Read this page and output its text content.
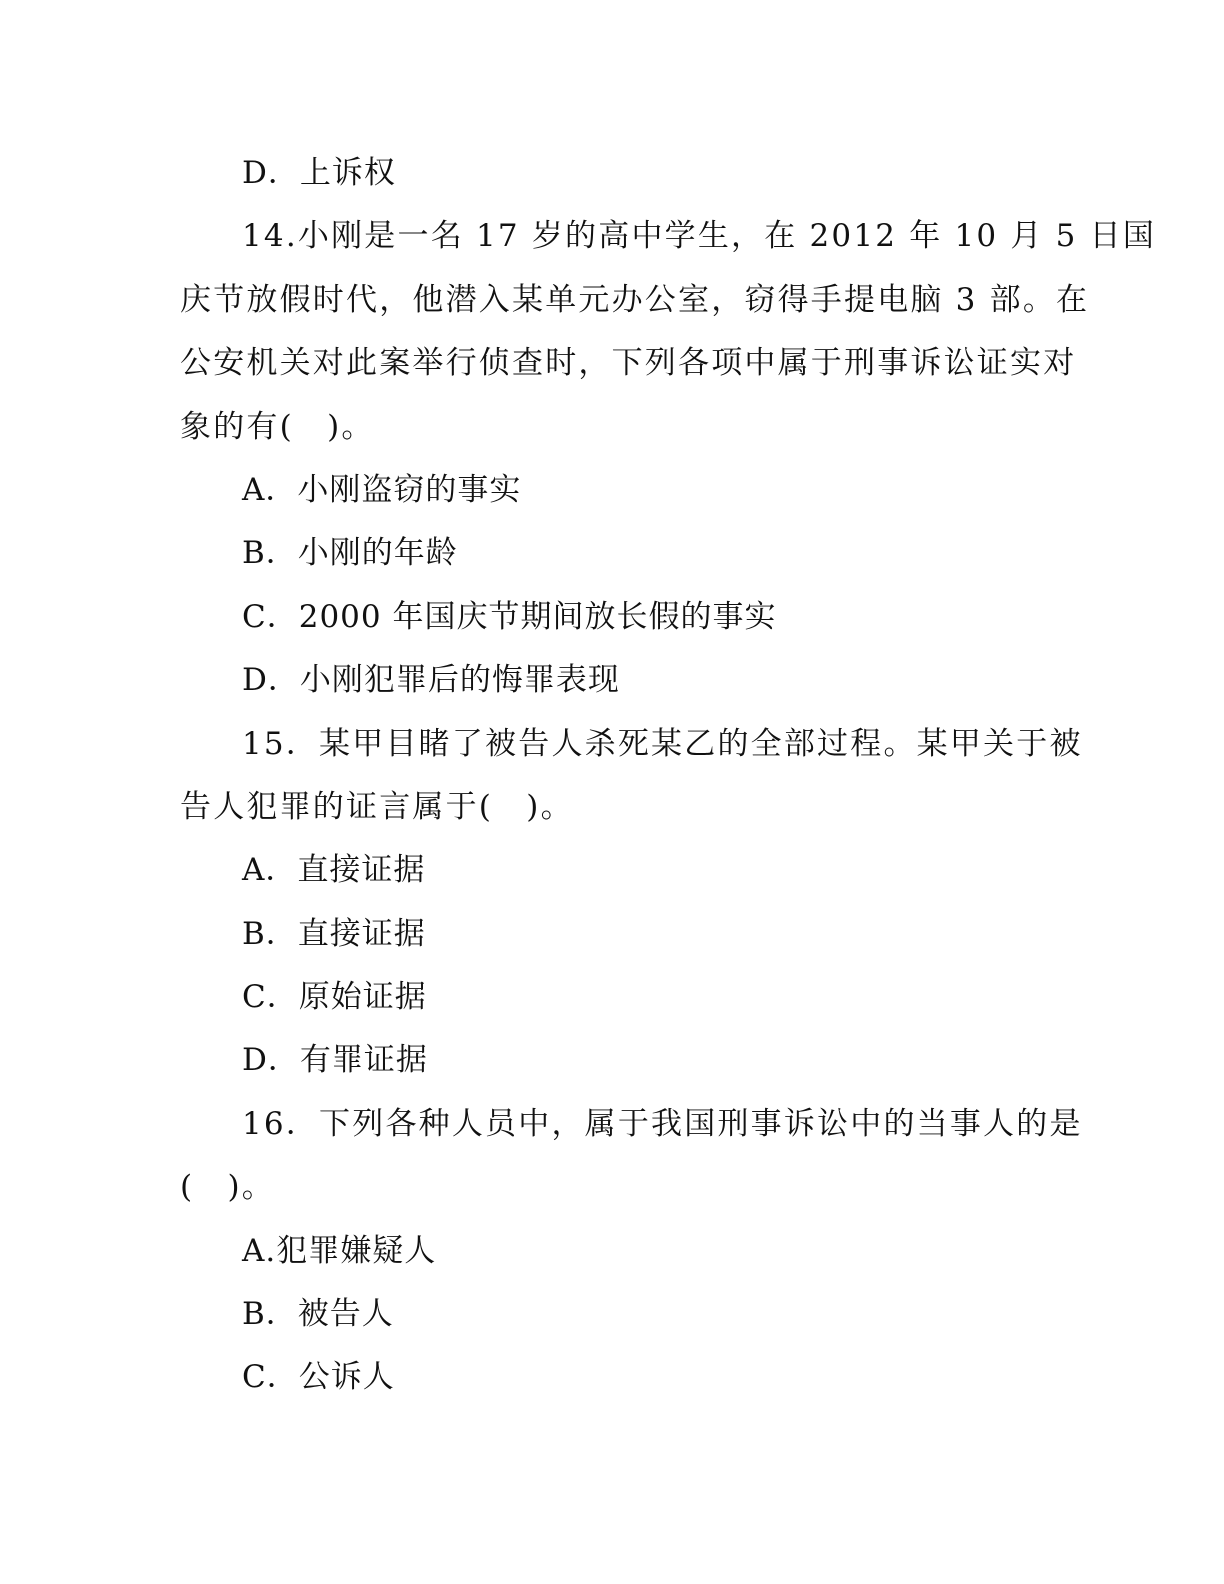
D．上诉权
14.小刚是一名 17 岁的高中学生，在 2012 年 10 月 5 日国
庆节放假时代，他潜入某单元办公室，窃得手提电脑 3 部。在
公安机关对此案举行侦查时，下列各项中属于刑事诉讼证实对
象的有(　)。
A．小刚盗窃的事实
B．小刚的年龄
C．2000 年国庆节期间放长假的事实
D．小刚犯罪后的悔罪表现
15．某甲目睹了被告人杀死某乙的全部过程。某甲关于被
告人犯罪的证言属于(　)。
A．直接证据
B．直接证据
C．原始证据
D．有罪证据
16．下列各种人员中，属于我国刑事诉讼中的当事人的是
(　)。
A.犯罪嫌疑人
B．被告人
C．公诉人
